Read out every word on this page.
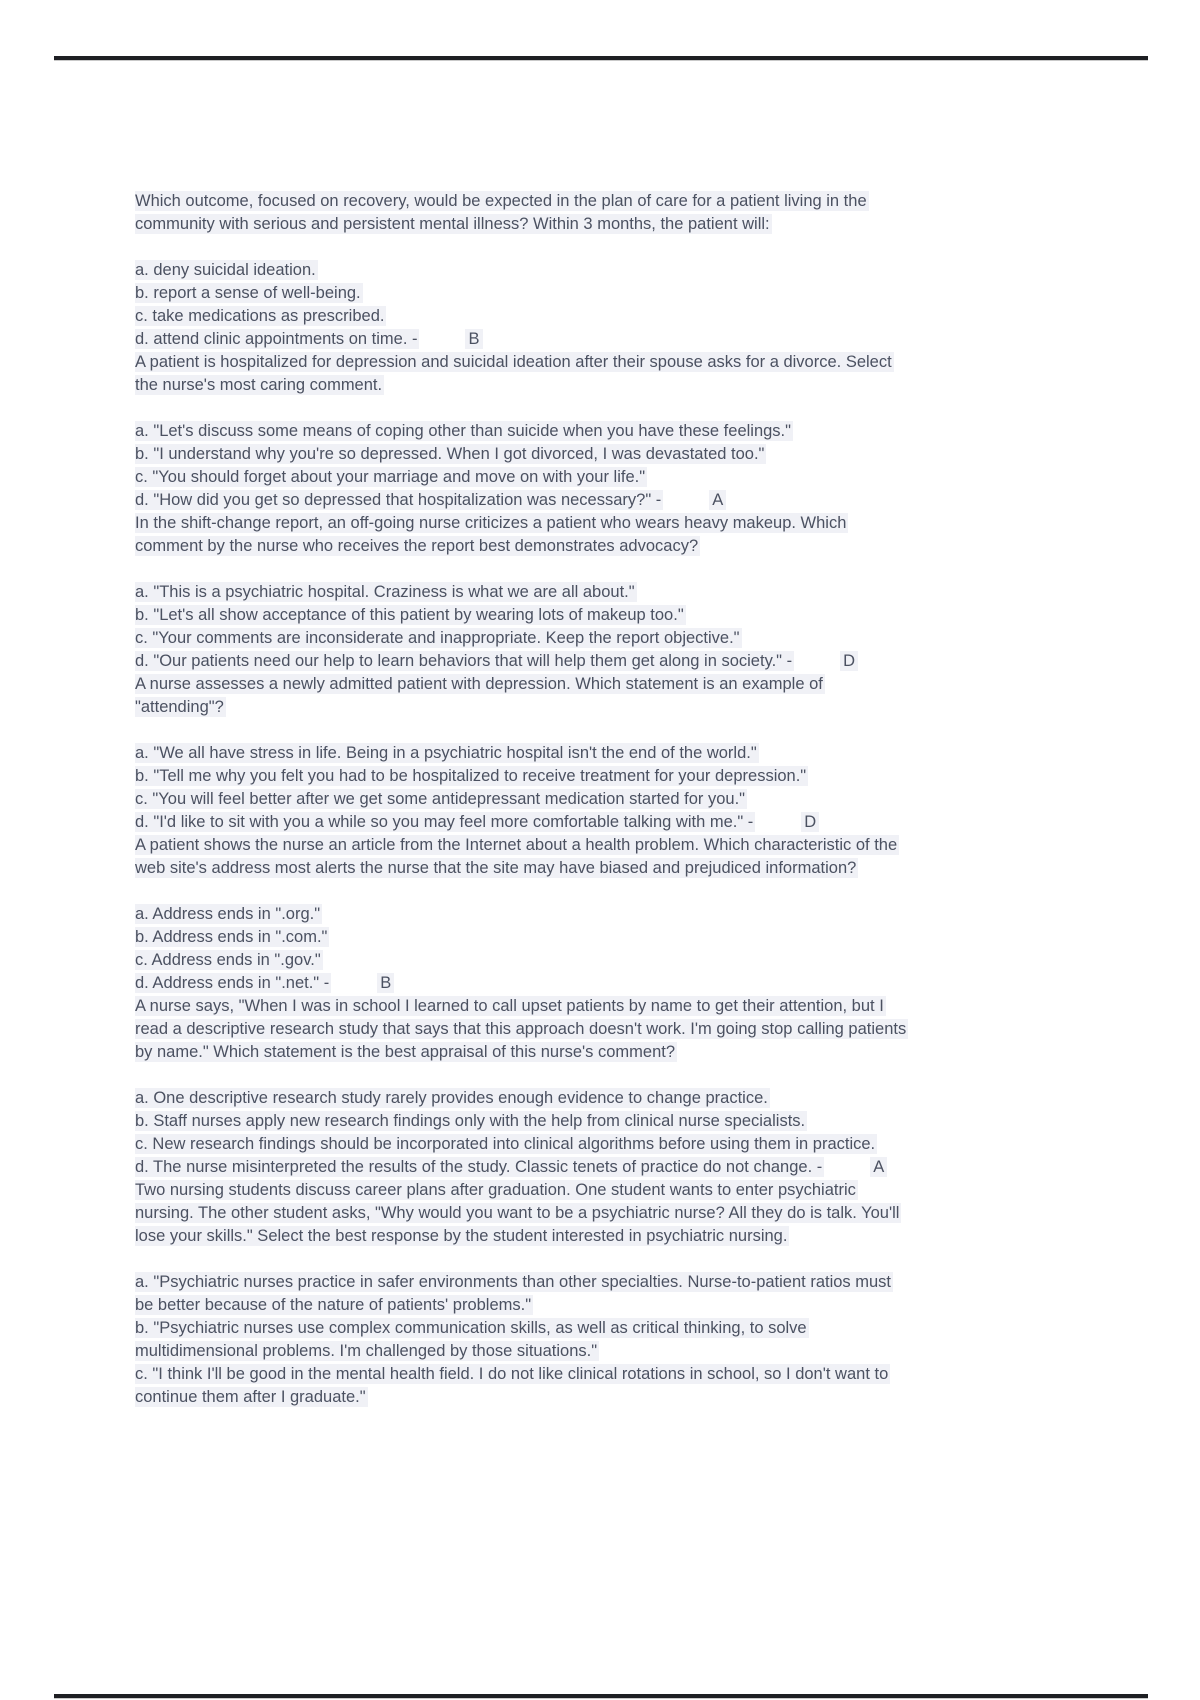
Which outcome, focused on recovery, would be expected in the plan of care for a patient living in the
community with serious and persistent mental illness? Within 3 months, the patient will:
a. deny suicidal ideation.
b. report a sense of well-being.
c. take medications as prescribed.
d. attend clinic appointments on time. -	B
A patient is hospitalized for depression and suicidal ideation after their spouse asks for a divorce. Select
the nurse's most caring comment.
a. "Let's discuss some means of coping other than suicide when you have these feelings."
b. "I understand why you're so depressed. When I got divorced, I was devastated too."
c. "You should forget about your marriage and move on with your life."
d. "How did you get so depressed that hospitalization was necessary?" -	A
In the shift-change report, an off-going nurse criticizes a patient who wears heavy makeup. Which
comment by the nurse who receives the report best demonstrates advocacy?
a. "This is a psychiatric hospital. Craziness is what we are all about."
b. "Let's all show acceptance of this patient by wearing lots of makeup too."
c. "Your comments are inconsiderate and inappropriate. Keep the report objective."
d. "Our patients need our help to learn behaviors that will help them get along in society." -	D
A nurse assesses a newly admitted patient with depression. Which statement is an example of
"attending"?
a. "We all have stress in life. Being in a psychiatric hospital isn't the end of the world."
b. "Tell me why you felt you had to be hospitalized to receive treatment for your depression."
c. "You will feel better after we get some antidepressant medication started for you."
d. "I'd like to sit with you a while so you may feel more comfortable talking with me." -	D
A patient shows the nurse an article from the Internet about a health problem. Which characteristic of the
web site's address most alerts the nurse that the site may have biased and prejudiced information?
a. Address ends in ".org."
b. Address ends in ".com."
c. Address ends in ".gov."
d. Address ends in ".net." -	B
A nurse says, "When I was in school I learned to call upset patients by name to get their attention, but I
read a descriptive research study that says that this approach doesn't work. I'm going stop calling patients
by name." Which statement is the best appraisal of this nurse's comment?
a. One descriptive research study rarely provides enough evidence to change practice.
b. Staff nurses apply new research findings only with the help from clinical nurse specialists.
c. New research findings should be incorporated into clinical algorithms before using them in practice.
d. The nurse misinterpreted the results of the study. Classic tenets of practice do not change. -	A
Two nursing students discuss career plans after graduation. One student wants to enter psychiatric
nursing. The other student asks, "Why would you want to be a psychiatric nurse? All they do is talk. You'll
lose your skills." Select the best response by the student interested in psychiatric nursing.
a. "Psychiatric nurses practice in safer environments than other specialties. Nurse-to-patient ratios must
be better because of the nature of patients' problems."
b. "Psychiatric nurses use complex communication skills, as well as critical thinking, to solve
multidimensional problems. I'm challenged by those situations."
c. "I think I'll be good in the mental health field. I do not like clinical rotations in school, so I don't want to
continue them after I graduate."
